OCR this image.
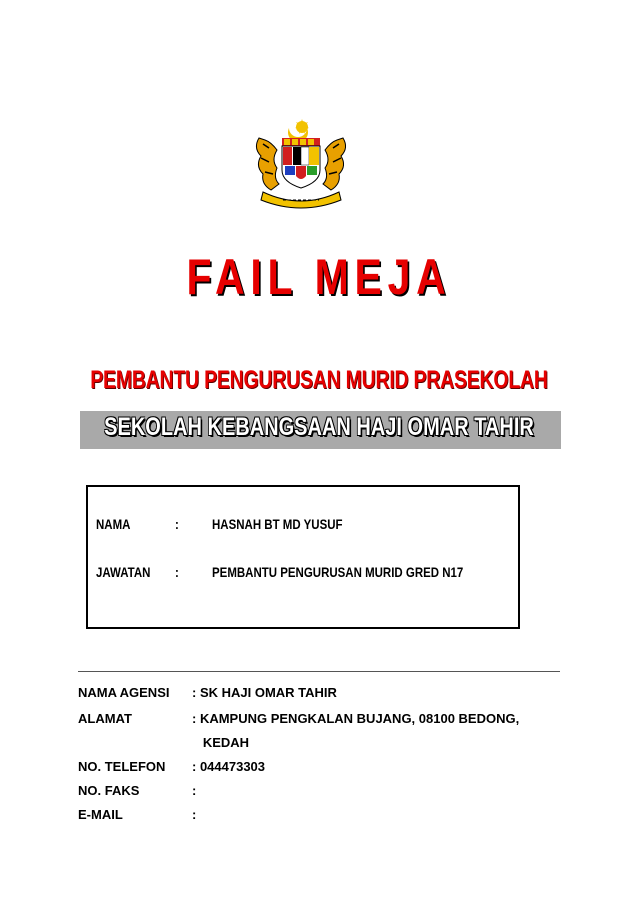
FAIL MEJA
PEMBANTU PENGURUSAN MURID PRASEKOLAH
SEKOLAH KEBANGSAAN HAJI OMAR TAHIR
NAMA	: HASNAH BT MD YUSUF
JAWATAN : PEMBANTU PENGURUSAN MURID GRED N17
NAMA AGENSI : SK HAJI OMAR TAHIR
ALAMAT	: KAMPUNG PENGKALAN BUJANG, 08100 BEDONG,
KEDAH
NO. TELEFON : 044473303
NO. FAKS	:
E-MAIL	:
